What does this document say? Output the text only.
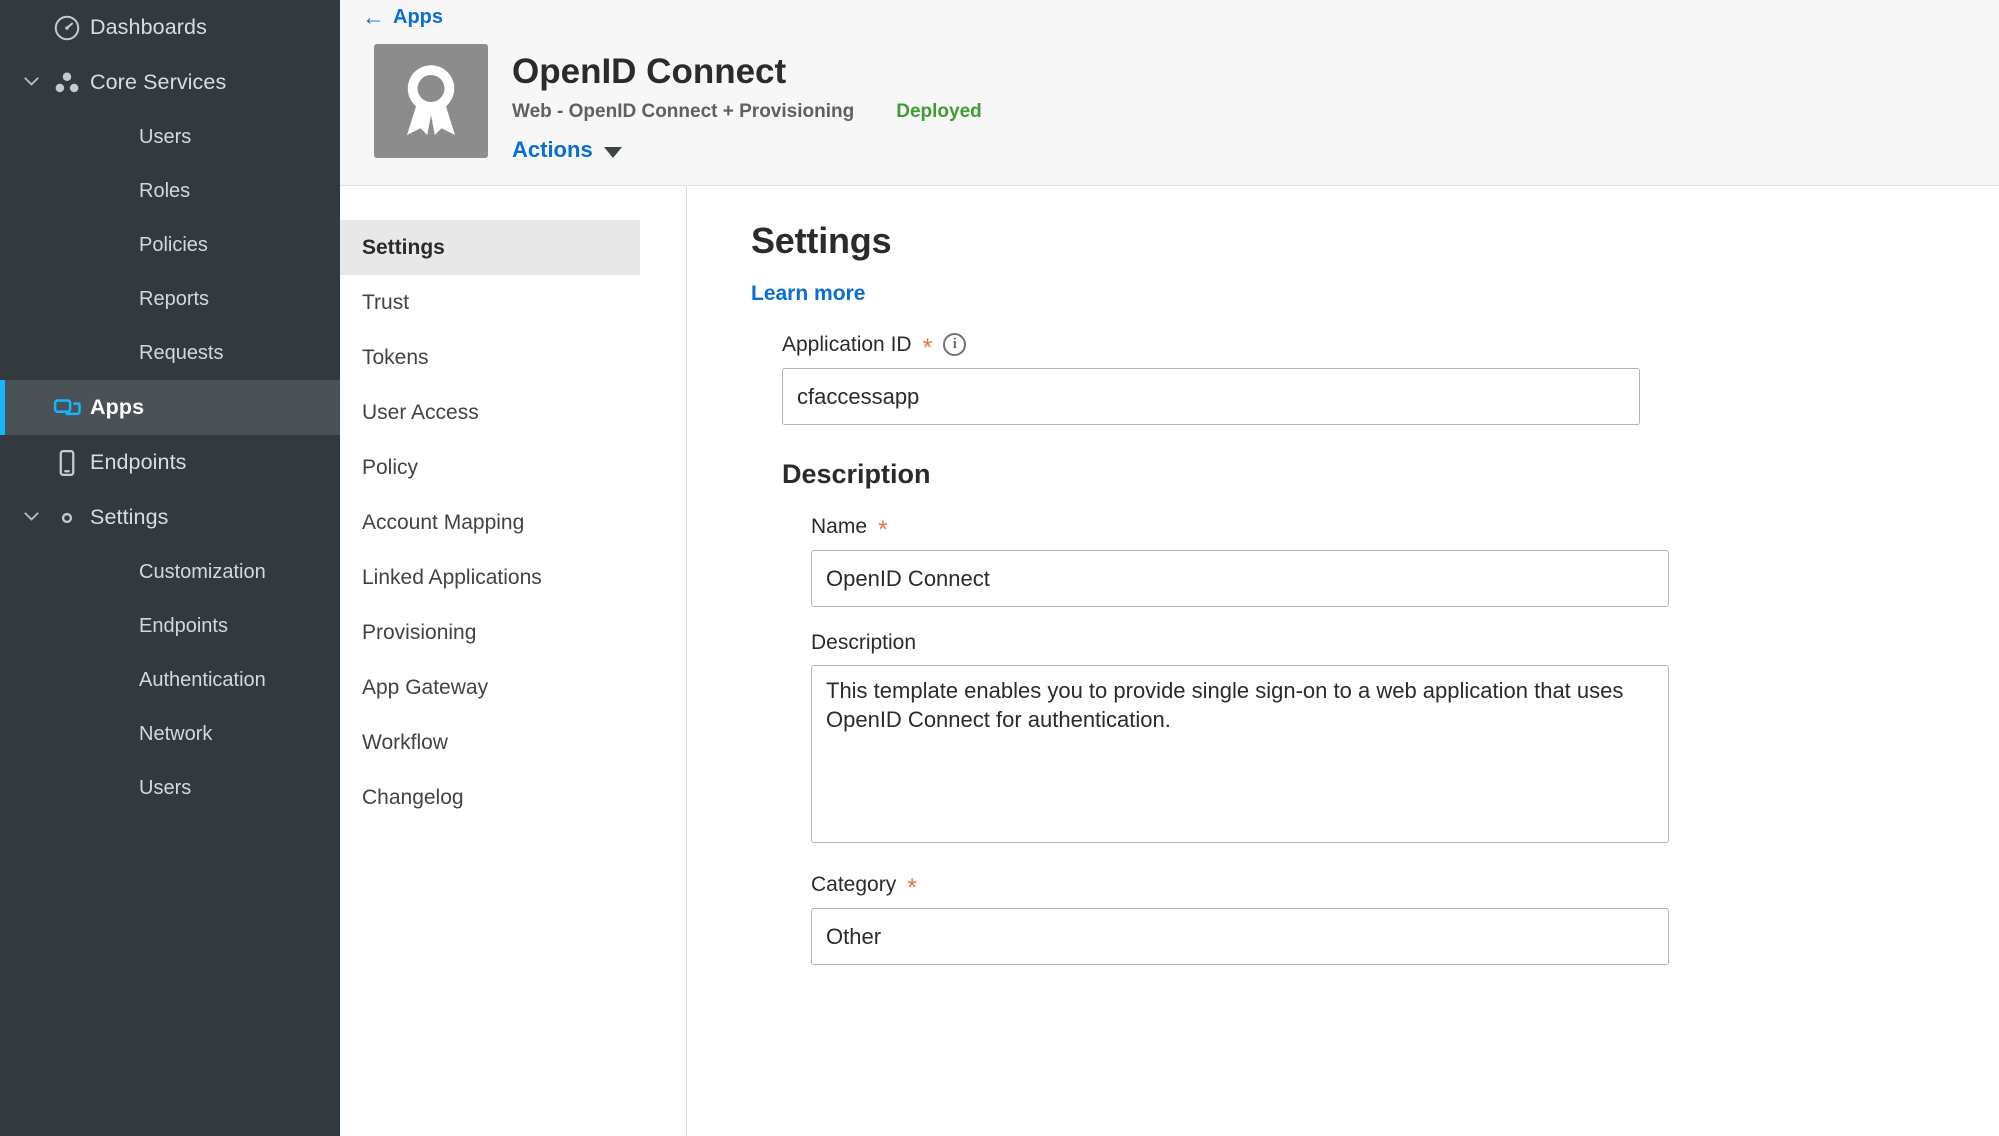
Dashboards
Core Services
Users
Roles
Policies
Reports
Requests
Apps
Endpoints
Settings
Customization
Endpoints
Authentication
Network
Users
← Apps
OpenID Connect
Web - OpenID Connect + Provisioning Deployed
Actions
Settings
Trust
Tokens
User Access
Policy
Account Mapping
Linked Applications
Provisioning
App Gateway
Workflow
Changelog
Settings
Learn more
Application ID *	i
cfaccessapp
Description
Name *
OpenID Connect
Description
This template enables you to provide single sign-on to a web application that uses OpenID Connect for authentication.
Category *
Other
